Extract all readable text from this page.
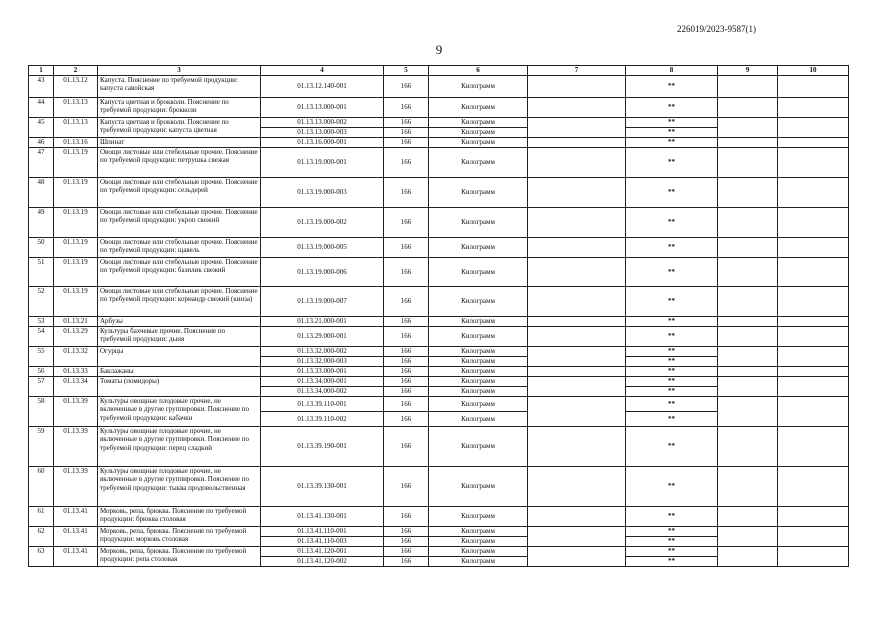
226019/2023-9587(1)
9
1	2	3	4	5	6	7	8	9	10
43	01.13.12	Капуста. Пояснение по требуемой продукции: капуста савойская	01.13.12.140-001	166	Килограмм		**		
44	01.13.13	Капуста цветная и брокколи. Пояснение по требуемой продукции: брокколи	01.13.13.000-001	166	Килограмм		**		
45	01.13.13	Капуста цветная и брокколи. Пояснение по требуемой продукции: капуста цветная	01.13.13.000-002	166	Килограмм		**		
			01.13.13.000-003	166	Килограмм		**		
46	01.13.16	Шпинат	01.13.16.000-001	166	Килограмм		**		
47	01.13.19	Овощи листовые или стебельные прочие. Пояснение по требуемой продукции: петрушка свежая	01.13.19.000-001	166	Килограмм		**		
48	01.13.19	Овощи листовые или стебельные прочие. Пояснение по требуемой продукции: сельдерей	01.13.19.000-003	166	Килограмм		**		
49	01.13.19	Овощи листовые или стебельные прочие. Пояснение по требуемой продукции: укроп свежий	01.13.19.000-002	166	Килограмм		**		
50	01.13.19	Овощи листовые или стебельные прочие. Пояснение по требуемой продукции: щавель	01.13.19.000-005	166	Килограмм		**		
51	01.13.19	Овощи листовые или стебельные прочие. Пояснение по требуемой продукции: базилик свежий	01.13.19.000-006	166	Килограмм		**		
52	01.13.19	Овощи листовые или стебельные прочие. Пояснение по требуемой продукции: кориандр свежий (кинза)	01.13.19.000-007	166	Килограмм		**		
53	01.13.21	Арбузы	01.13.21.000-001	166	Килограмм		**		
54	01.13.29	Культуры бахчевые прочие. Пояснение по требуемой продукции: дыня	01.13.29.000-001	166	Килограмм		**		
55	01.13.32	Огурцы	01.13.32.000-002	166	Килограмм		**		
			01.13.32.000-003	166	Килограмм		**		
56	01.13.33	Баклажаны	01.13.33.000-001	166	Килограмм		**		
57	01.13.34	Томаты (помидоры)	01.13.34.000-001	166	Килограмм		**		
			01.13.34.000-002	166	Килограмм		**		
58	01.13.39	Культуры овощные плодовые прочие, не включенные в другие группировки. Пояснение по требуемой продукции: кабачки	01.13.39.110-001	166	Килограмм		**		
			01.13.39.110-002	166	Килограмм		**		
59	01.13.39	Культуры овощные плодовые прочие, не включенные в другие группировки. Пояснение по требуемой продукции: перец сладкий	01.13.39.190-001	166	Килограмм		**		
60	01.13.39	Культуры овощные плодовые прочие, не включенные в другие группировки. Пояснение по требуемой продукции: тыква продовольственная	01.13.39.130-001	166	Килограмм		**		
61	01.13.41	Морковь, репа, брюква. Пояснение по требуемой продукции: брюква столовая	01.13.41.130-001	166	Килограмм		**		
62	01.13.41	Морковь, репа, брюква. Пояснение по требуемой продукции: морковь столовая	01.13.41.110-001	166	Килограмм		**		
			01.13.41.110-003	166	Килограмм		**		
63	01.13.41	Морковь, репа, брюква. Пояснение по требуемой продукции: репа столовая	01.13.41.120-001	166	Килограмм		**		
			01.13.41.120-002	166	Килограмм		**		
